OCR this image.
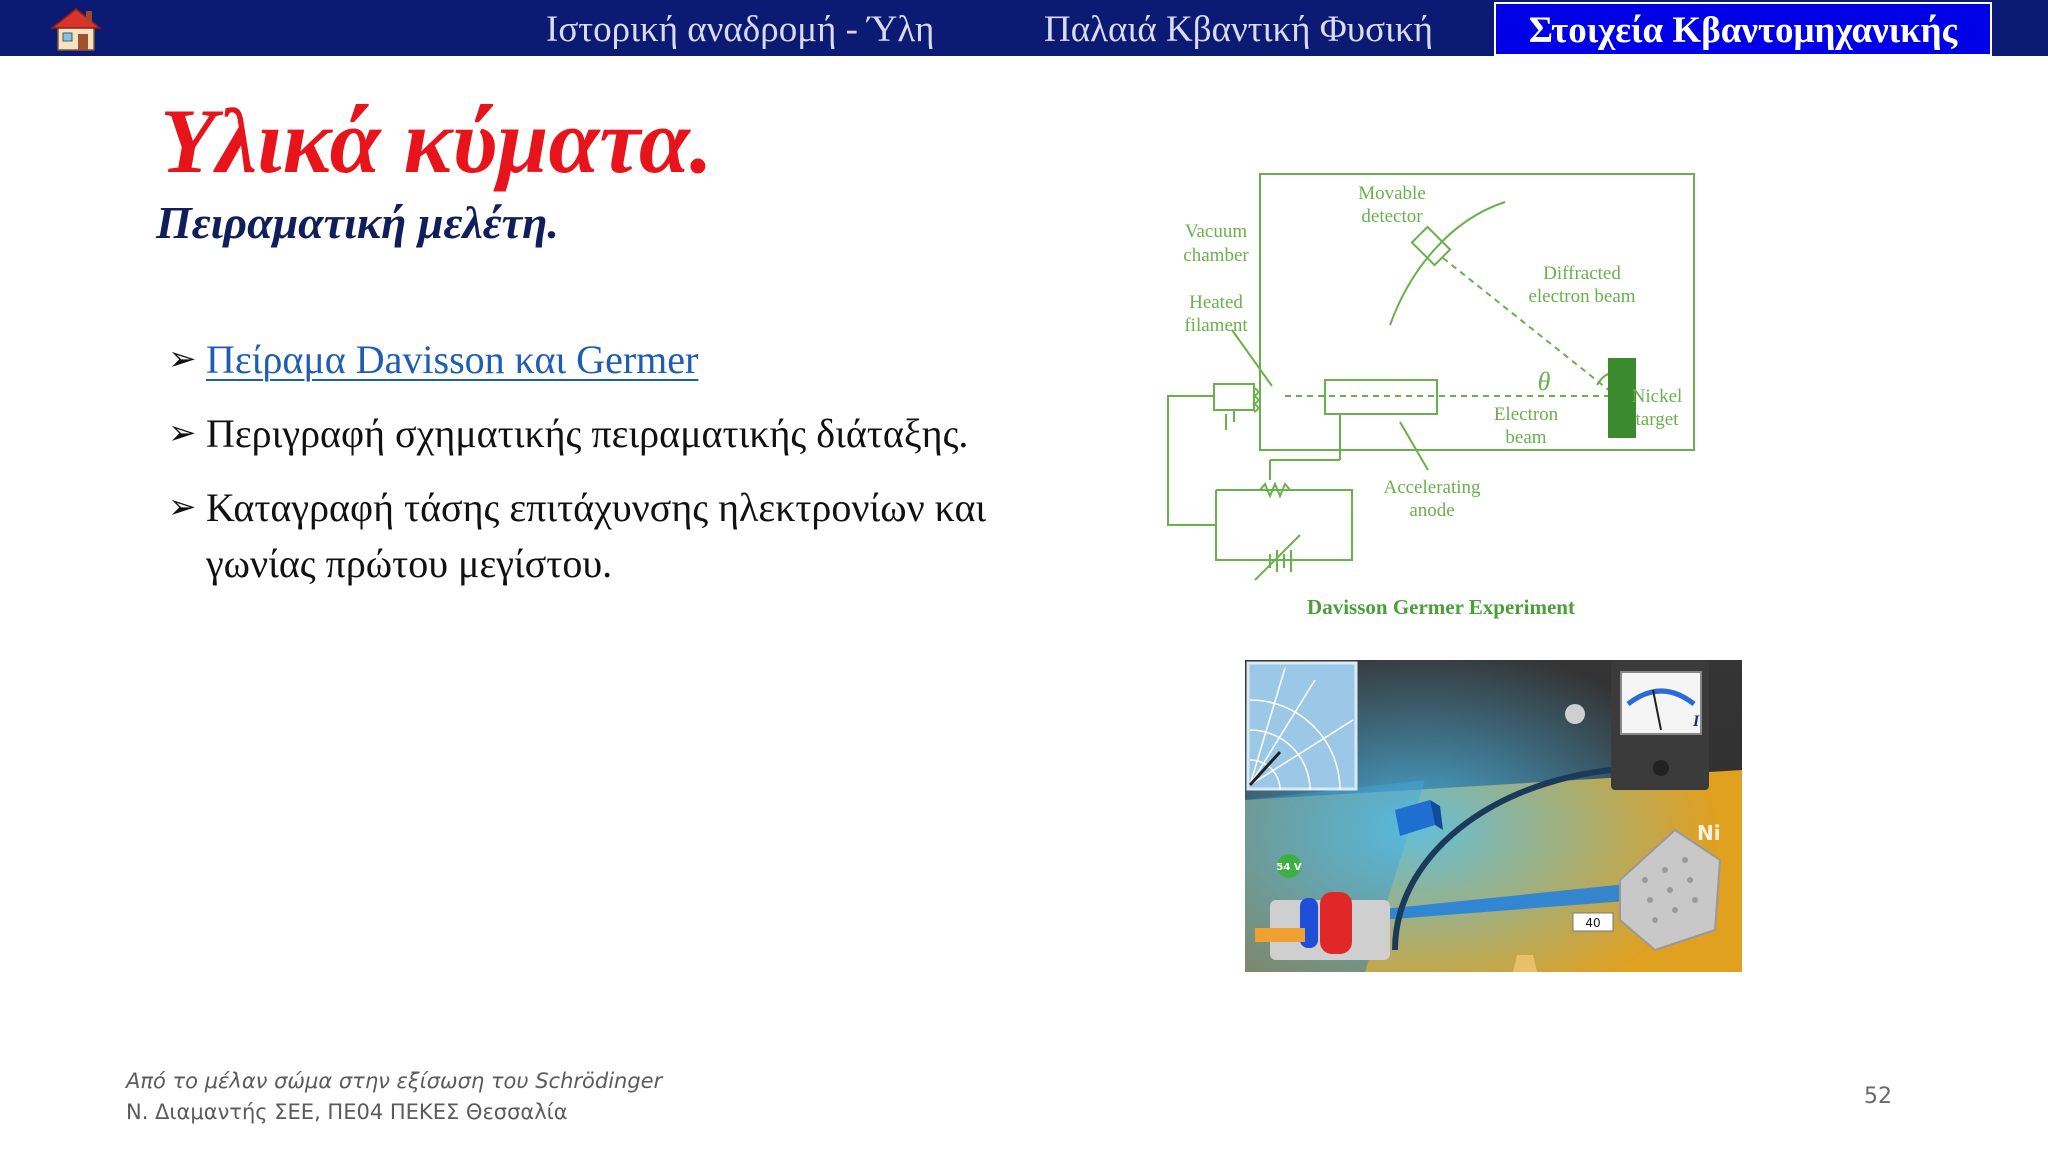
Ιστορική αναδρομή - Ύλη	Παλαιά Κβαντική Φυσική	Στοιχεία Κβαντομηχανικής
Υλικά κύματα.
Πειραματική μελέτη.
➢ Πείραμα Davisson και Germer
➢ Περιγραφή σχηματικής πειραματικής διάταξης.
➢ Καταγραφή τάσης επιτάχυνσης ηλεκτρονίων και γωνίας πρώτου μεγίστου.
Vacuum
chamber
Movable
detector
Diffracted
electron beam
Heated
filament
Nickel
target
Electron
beam
Accelerating
anode
θ
Davisson Germer Experiment
I
54 V
Ni
40
Από το μέλαν σώμα στην εξίσωση του Schrödinger
Ν. Διαμαντής ΣΕΕ, ΠΕ04 ΠΕΚΕΣ Θεσσαλία
52
